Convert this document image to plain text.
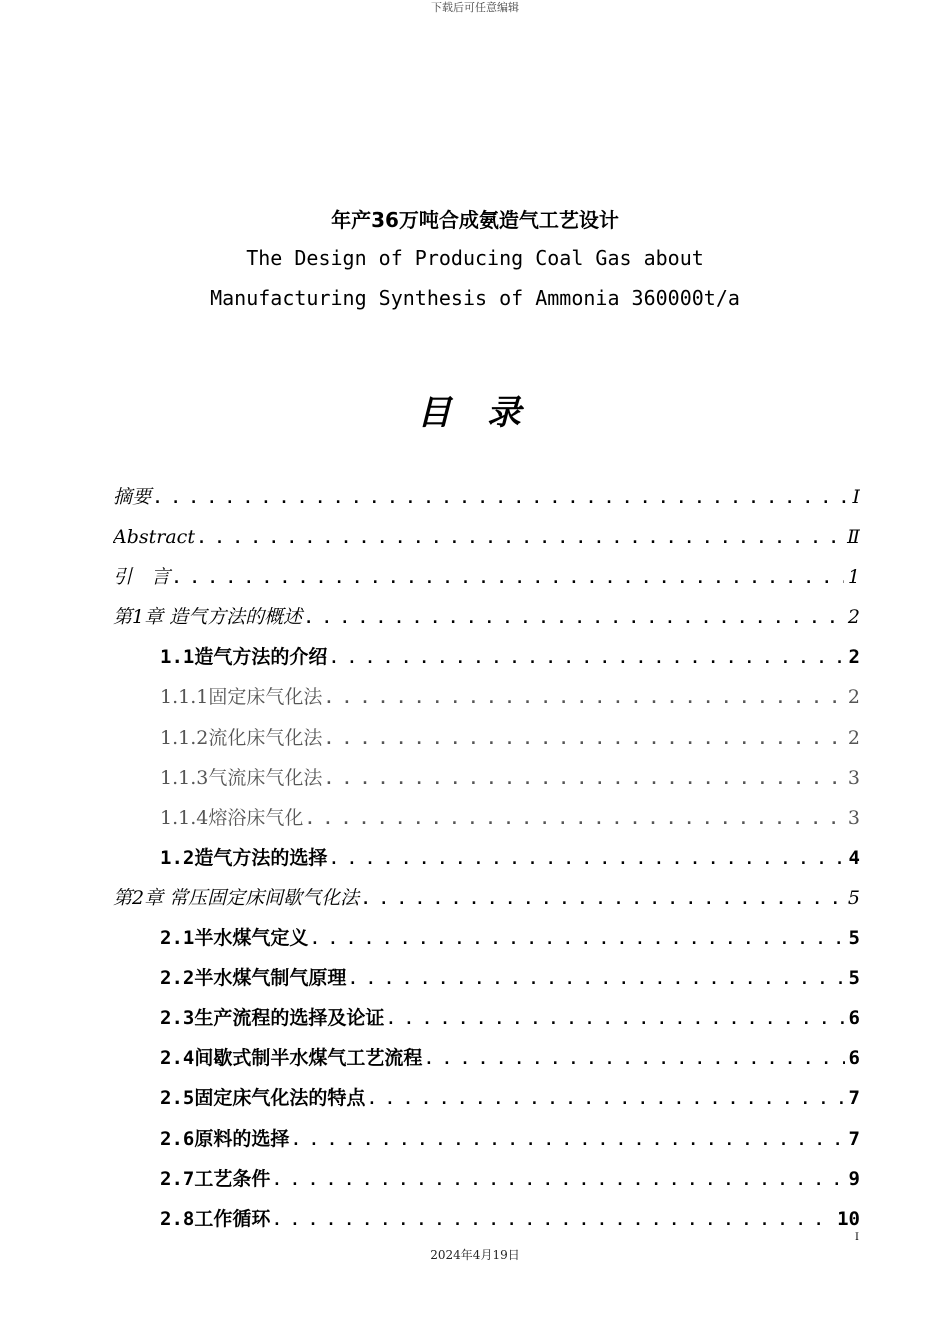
下载后可任意编辑
年产36万吨合成氨造气工艺设计
The Design of Producing Coal Gas about
Manufacturing Synthesis of Ammonia 360000t/a
目 录
摘要 . . .	Ⅰ
Abstract . . .	Ⅱ
引　言 . . .	1
第1章 造气方法的概述 . . .	2
1.1造气方法的介绍 . . .	2
1.1.1固定床气化法 . . .	2
1.1.2流化床气化法 . . .	2
1.1.3气流床气化法 . . .	3
1.1.4熔浴床气化 . . .	3
1.2造气方法的选择 . . .	4
第2章 常压固定床间歇气化法 . . .	5
2.1半水煤气定义 . . .	5
2.2半水煤气制气原理 . . .	5
2.3生产流程的选择及论证 . . .	6
2.4间歇式制半水煤气工艺流程 . . .	6
2.5固定床气化法的特点 . . .	7
2.6原料的选择 . . .	7
2.7工艺条件 . . .	9
2.8工作循环 . . .	10
I
2024年4月19日
